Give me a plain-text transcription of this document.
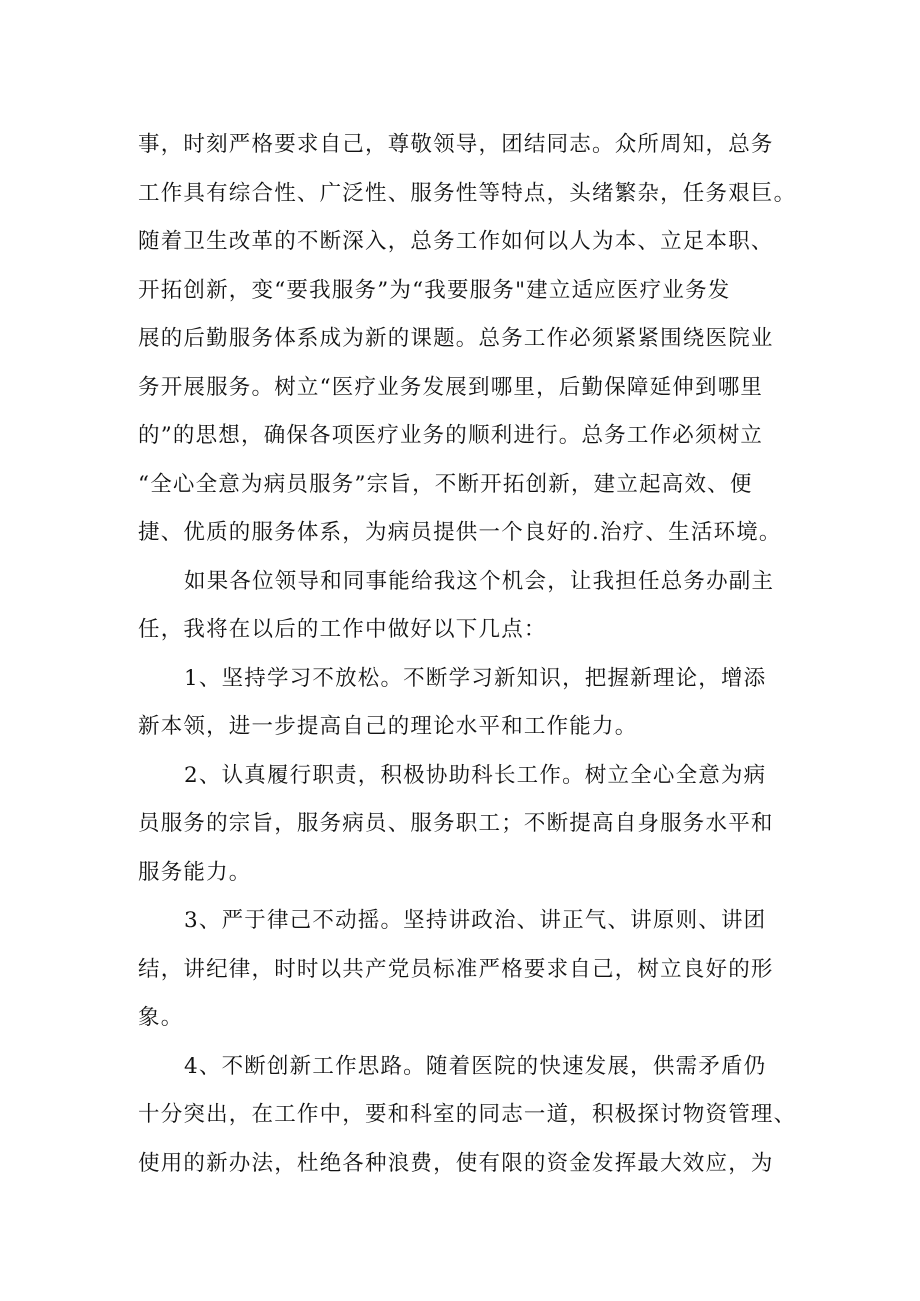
事，时刻严格要求自己，尊敬领导，团结同志。众所周知，总务
工作具有综合性、广泛性、服务性等特点，头绪繁杂，任务艰巨。
随着卫生改革的不断深入，总务工作如何以人为本、立足本职、
开拓创新，变“要我服务”为“我要服务"建立适应医疗业务发
展的后勤服务体系成为新的课题。总务工作必须紧紧围绕医院业
务开展服务。树立“医疗业务发展到哪里，后勤保障延伸到哪里
的”的思想，确保各项医疗业务的顺利进行。总务工作必须树立
“全心全意为病员服务”宗旨，不断开拓创新，建立起高效、便
捷、优质的服务体系，为病员提供一个良好的.治疗、生活环境。
如果各位领导和同事能给我这个机会，让我担任总务办副主
任，我将在以后的工作中做好以下几点：
1、坚持学习不放松。不断学习新知识，把握新理论，增添
新本领，进一步提高自己的理论水平和工作能力。
2、认真履行职责，积极协助科长工作。树立全心全意为病
员服务的宗旨，服务病员、服务职工；不断提高自身服务水平和
服务能力。
3、严于律己不动摇。坚持讲政治、讲正气、讲原则、讲团
结，讲纪律，时时以共产党员标准严格要求自己，树立良好的形
象。
4、不断创新工作思路。随着医院的快速发展，供需矛盾仍
十分突出，在工作中，要和科室的同志一道，积极探讨物资管理、
使用的新办法，杜绝各种浪费，使有限的资金发挥最大效应，为
